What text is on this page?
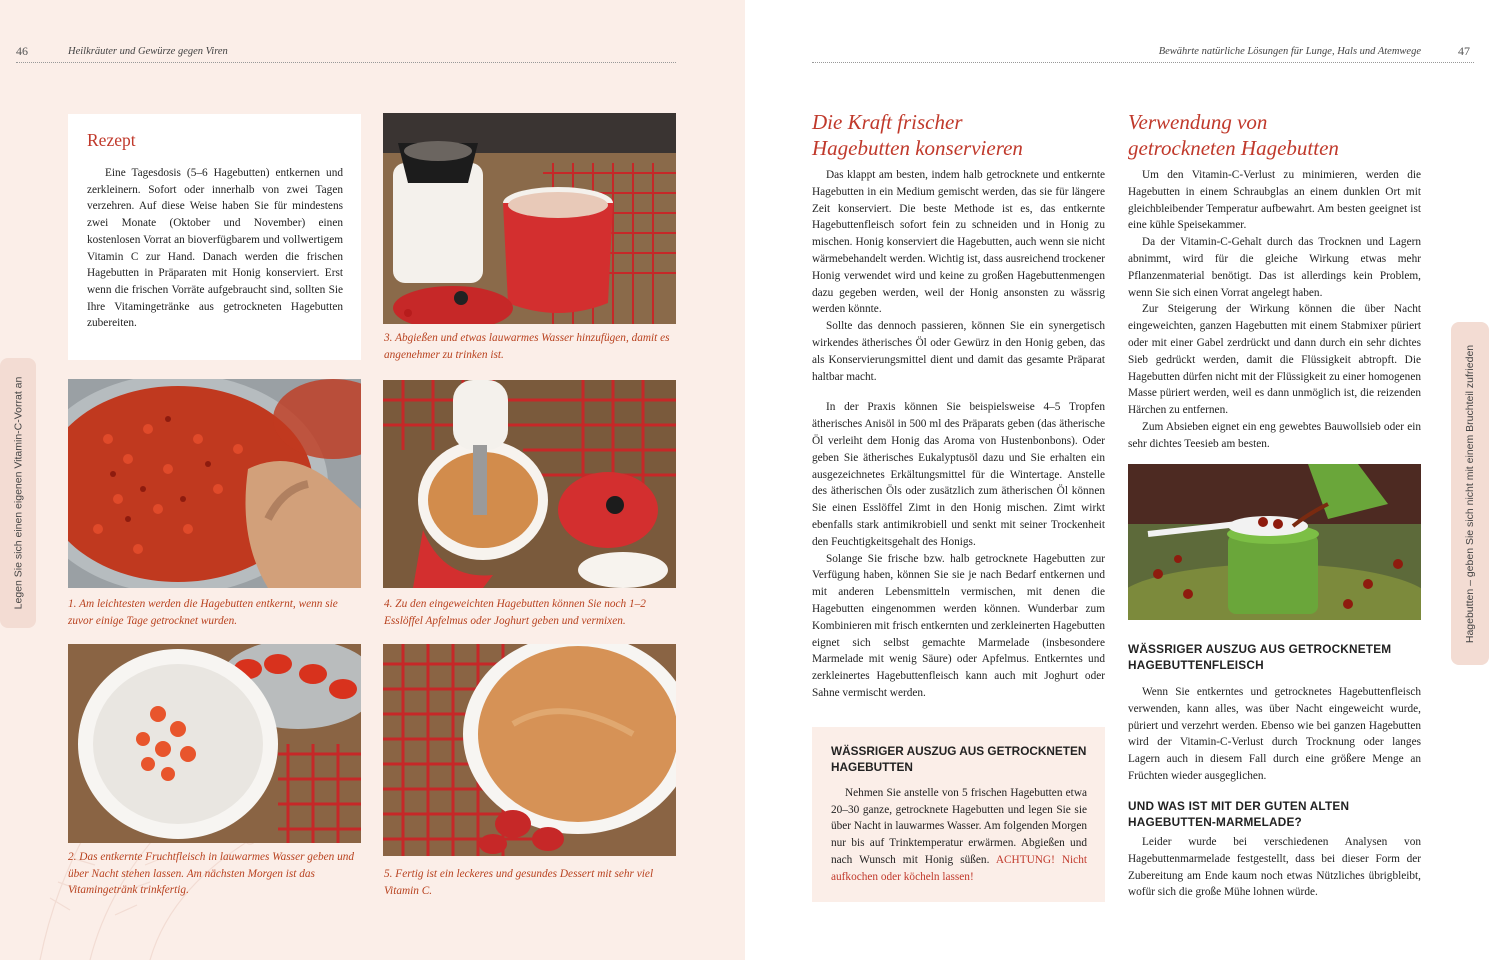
46	Heilkräuter und Gewürze gegen Viren
Legen Sie sich einen eigenen Vitamin-C-Vorrat an
Rezept

Eine Tagesdosis (5–6 Hagebutten) entkernen und zerkleinern. Sofort oder innerhalb von zwei Tagen verzehren. Auf diese Weise haben Sie für mindestens zwei Monate (Oktober und November) einen kostenlosen Vorrat an bioverfügbarem und vollwertigem Vitamin C zur Hand. Danach werden die frischen Hagebutten in Präparaten mit Honig konserviert. Erst wenn die frischen Vorräte aufgebraucht sind, sollten Sie Ihre Vitamingetränke aus getrockneten Hagebutten zubereiten.

3. Abgießen und etwas lauwarmes Wasser hinzufügen, damit es angenehmer zu trinken ist.
1. Am leichtesten werden die Hagebutten entkernt, wenn sie zuvor einige Tage getrocknet wurden.
4. Zu den eingeweichten Hagebutten können Sie noch 1–2 Esslöffel Apfelmus oder Joghurt geben und vermixen.
2. Das entkernte Fruchtfleisch in lauwarmes Wasser geben und über Nacht stehen lassen. Am nächsten Morgen ist das Vitamingetränk trinkfertig.
5. Fertig ist ein leckeres und gesundes Dessert mit sehr viel Vitamin C.
Bewährte natürliche Lösungen für Lunge, Hals und Atemwege	47
Hagebutten – geben Sie sich nicht mit einem Bruchteil zufrieden
Die Kraft frischer
Hagebutten konservieren

Das klappt am besten, indem halb getrocknete und entkernte Hagebutten in ein Medium gemischt werden, das sie für längere Zeit konserviert. Die beste Methode ist es, das entkernte Hagebuttenfleisch sofort fein zu schneiden und in Honig zu mischen. Honig konserviert die Hagebutten, auch wenn sie nicht wärmebehandelt werden. Wichtig ist, dass ausreichend trockener Honig verwendet wird und keine zu großen Hagebuttenmengen dazu gegeben werden, weil der Honig ansonsten zu wässrig werden könnte.

Sollte das dennoch passieren, können Sie ein synergetisch wirkendes ätherisches Öl oder Gewürz in den Honig geben, das als Konservierungsmittel dient und damit das gesamte Präparat haltbar macht.

In der Praxis können Sie beispielsweise 4–5 Tropfen ätherisches Anisöl in 500 ml des Präparats geben (das ätherische Öl verleiht dem Honig das Aroma von Hustenbonbons). Oder geben Sie ätherisches Eukalyptusöl dazu und Sie erhalten ein ausgezeichnetes Erkältungsmittel für die Wintertage. Anstelle des ätherischen Öls oder zusätzlich zum ätherischen Öl können Sie einen Esslöffel Zimt in den Honig mischen. Zimt wirkt ebenfalls stark antimikrobiell und senkt mit seiner Trockenheit den Feuchtigkeitsgehalt des Honigs.

Solange Sie frische bzw. halb getrocknete Hagebutten zur Verfügung haben, können Sie sie je nach Bedarf entkernen und mit anderen Lebensmitteln vermischen, mit denen die Hagebutten eingenommen werden können. Wunderbar zum Kombinieren mit frisch entkernten und zerkleinerten Hagebutten eignet sich selbst gemachte Marmelade (insbesondere Marmelade mit wenig Säure) oder Apfelmus. Entkerntes und zerkleinertes Hagebuttenfleisch kann auch mit Joghurt oder Sahne vermischt werden.

WÄSSRIGER AUSZUG AUS GETROCKNETEN HAGEBUTTEN

Nehmen Sie anstelle von 5 frischen Hagebutten etwa 20–30 ganze, getrocknete Hagebutten und legen Sie sie über Nacht in lauwarmes Wasser. Am folgenden Morgen nur bis auf Trinktemperatur erwärmen. Abgießen und nach Wunsch mit Honig süßen. ACHTUNG! Nicht aufkochen oder köcheln lassen!

Verwendung von
getrockneten Hagebutten

Um den Vitamin-C-Verlust zu minimieren, werden die Hagebutten in einem Schraubglas an einem dunklen Ort mit gleichbleibender Temperatur aufbewahrt. Am besten geeignet ist eine kühle Speisekammer.

Da der Vitamin-C-Gehalt durch das Trocknen und Lagern abnimmt, wird für die gleiche Wirkung etwas mehr Pflanzenmaterial benötigt. Das ist allerdings kein Problem, wenn Sie sich einen Vorrat angelegt haben.

Zur Steigerung der Wirkung können die über Nacht eingeweichten, ganzen Hagebutten mit einem Stabmixer püriert oder mit einer Gabel zerdrückt und dann durch ein sehr dichtes Sieb gedrückt werden, damit die Flüssigkeit abtropft. Die Hagebutten dürfen nicht mit der Flüssigkeit zu einer homogenen Masse püriert werden, weil es dann unmöglich ist, die reizenden Härchen zu entfernen.

Zum Absieben eignet ein eng gewebtes Bauwollsieb oder ein sehr dichtes Teesieb am besten.

WÄSSRIGER AUSZUG AUS GETROCKNETEM HAGEBUTTENFLEISCH

Wenn Sie entkerntes und getrocknetes Hagebuttenfleisch verwenden, kann alles, was über Nacht eingeweicht wurde, püriert und verzehrt werden. Ebenso wie bei ganzen Hagebutten wird der Vitamin-C-Verlust durch Trocknung oder langes Lagern auch in diesem Fall durch eine größere Menge an Früchten wieder ausgeglichen.

UND WAS IST MIT DER GUTEN ALTEN HAGEBUTTEN-MARMELADE?

Leider wurde bei verschiedenen Analysen von Hagebuttenmarmelade festgestellt, dass bei dieser Form der Zubereitung am Ende kaum noch etwas Nützliches übrigbleibt, wofür sich die große Mühe lohnen würde.
